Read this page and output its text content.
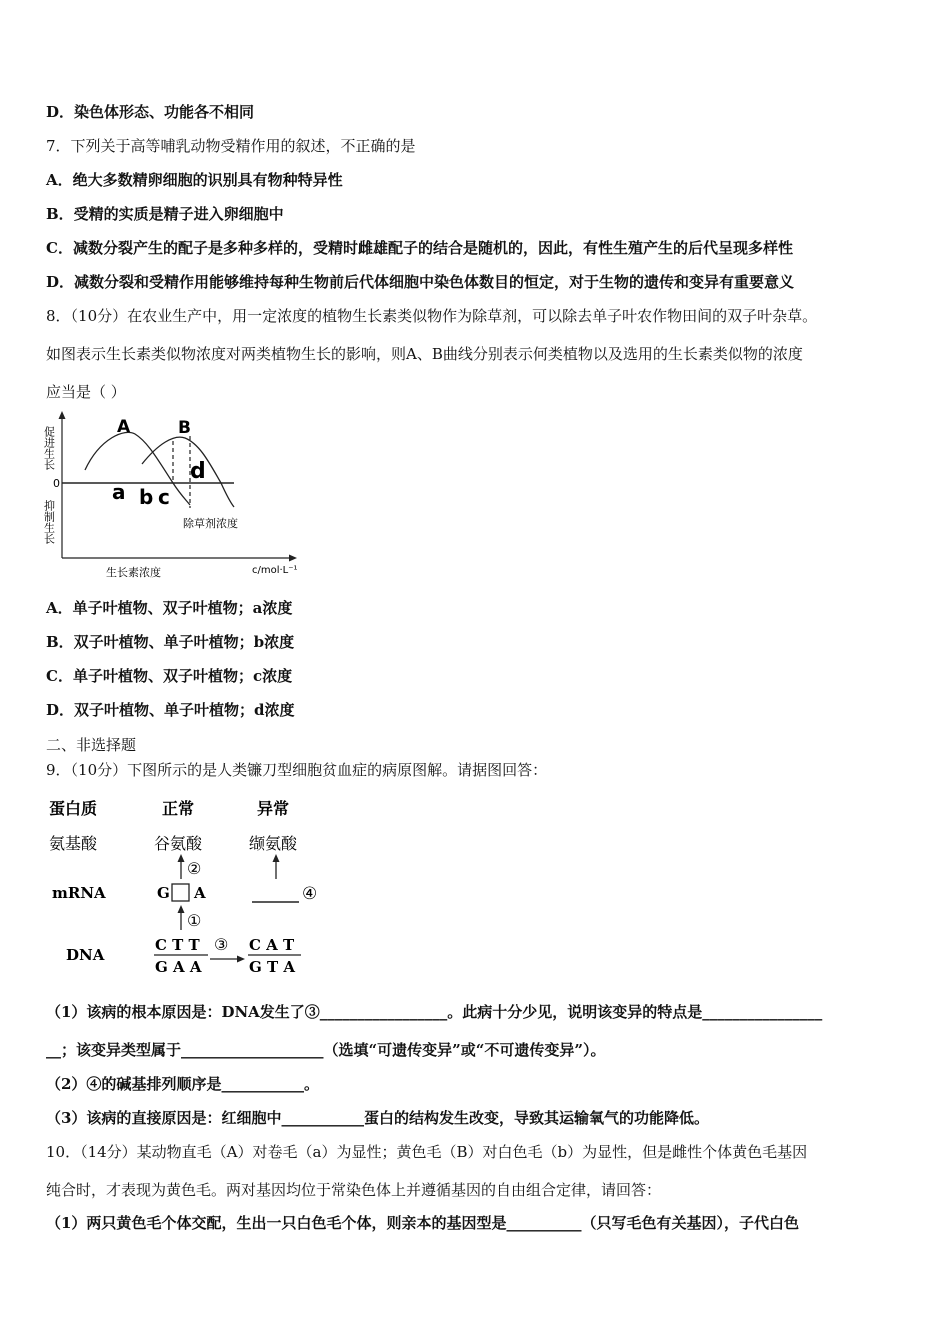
D．染色体形态、功能各不相同
7．下列关于高等哺乳动物受精作用的叙述，不正确的是
A．绝大多数精卵细胞的识别具有物种特异性
B．受精的实质是精子进入卵细胞中
C．减数分裂产生的配子是多种多样的，受精时雌雄配子的结合是随机的，因此，有性生殖产生的后代呈现多样性
D．减数分裂和受精作用能够维持每种生物前后代体细胞中染色体数目的恒定，对于生物的遗传和变异有重要意义
8．（10分）在农业生产中，用一定浓度的植物生长素类似物作为除草剂，可以除去单子叶农作物田间的双子叶杂草。
如图表示生长素类似物浓度对两类植物生长的影响，则A、B曲线分别表示何类植物以及选用的生长素类似物的浓度
应当是（ ）
A	B
d
a b c
0
除草剂浓度
生长素浓度	c/mol·L⁻¹
促进生长
抑制生长
A．单子叶植物、双子叶植物；a浓度
B．双子叶植物、单子叶植物；b浓度
C．单子叶植物、双子叶植物；c浓度
D．双子叶植物、单子叶植物；d浓度
二、非选择题
9．（10分）下图所示的是人类镰刀型细胞贫血症的病原图解。请据图回答：
蛋白质	正常	异常
氨基酸	谷氨酸	缬氨酸
②
mRNA	G A	④
①
DNA
C T T
G A A
③ C A T
G T A
（1）该病的根本原因是：DNA发生了③_________________。此病十分少见，说明该变异的特点是________________
__；该变异类型属于___________________（选填“可遗传变异”或“不可遗传变异”）。
（2）④的碱基排列顺序是___________。
（3）该病的直接原因是：红细胞中___________蛋白的结构发生改变，导致其运输氧气的功能降低。
10．（14分）某动物直毛（A）对卷毛（a）为显性；黄色毛（B）对白色毛（b）为显性，但是雌性个体黄色毛基因
纯合时，才表现为黄色毛。两对基因均位于常染色体上并遵循基因的自由组合定律，请回答：
（1）两只黄色毛个体交配，生出一只白色毛个体，则亲本的基因型是__________（只写毛色有关基因），子代白色
